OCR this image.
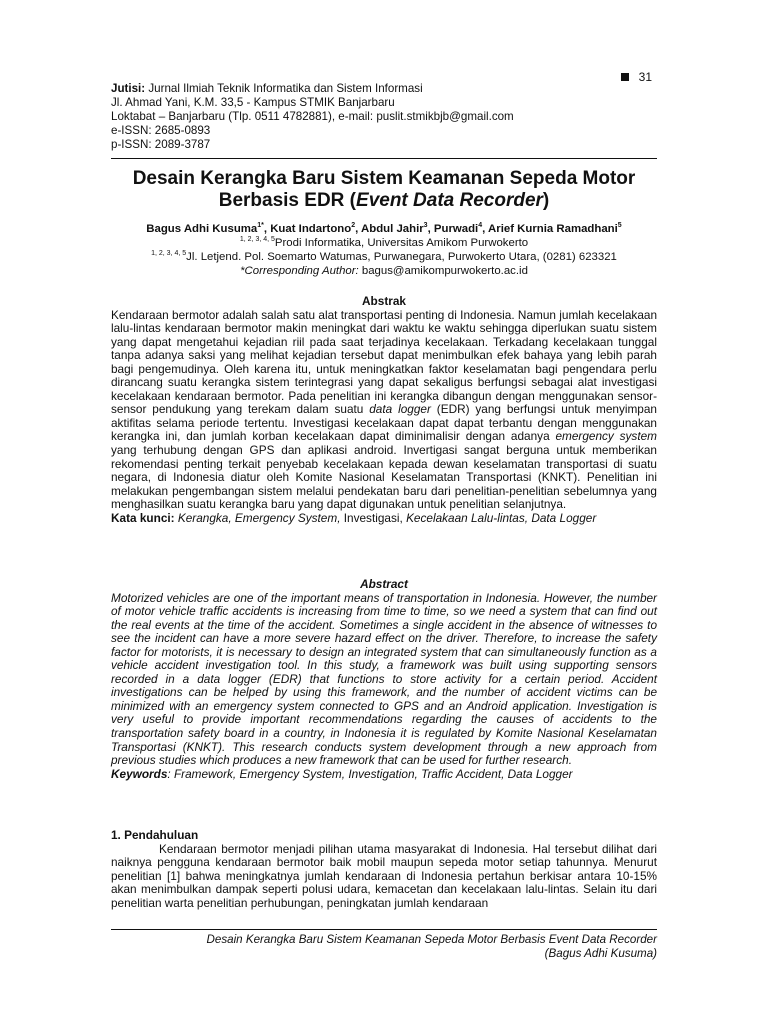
31
Jutisi: Jurnal Ilmiah Teknik Informatika dan Sistem Informasi
Jl. Ahmad Yani, K.M. 33,5 - Kampus STMIK Banjarbaru
Loktabat – Banjarbaru (Tlp. 0511 4782881), e-mail: puslit.stmikbjb@gmail.com
e-ISSN: 2685-0893
p-ISSN: 2089-3787
Desain Kerangka Baru Sistem Keamanan Sepeda Motor
Berbasis EDR (Event Data Recorder)
Bagus Adhi Kusuma$^{1*}$, Kuat Indartono$^2$, Abdul Jahir$^3$, Purwadi$^4$, Arief Kurnia Ramadhani$^5$
$^{1, 2, 3, 4, 5}$Prodi Informatika, Universitas Amikom Purwokerto
$^{1, 2, 3, 4, 5}$Jl. Letjend. Pol. Soemarto Watumas, Purwanegara, Purwokerto Utara, (0281) 623321
*Corresponding Author: bagus@amikompurwokerto.ac.id
Abstrak

Kendaraan bermotor adalah salah satu alat transportasi penting di Indonesia. Namun jumlah kecelakaan lalu-lintas kendaraan bermotor makin meningkat dari waktu ke waktu sehingga diperlukan suatu sistem yang dapat mengetahui kejadian riil pada saat terjadinya kecelakaan. Terkadang kecelakaan tunggal tanpa adanya saksi yang melihat kejadian tersebut dapat menimbulkan efek bahaya yang lebih parah bagi pengemudinya. Oleh karena itu, untuk meningkatkan faktor keselamatan bagi pengendara perlu dirancang suatu kerangka sistem terintegrasi yang dapat sekaligus berfungsi sebagai alat investigasi kecelakaan kendaraan bermotor. Pada penelitian ini kerangka dibangun dengan menggunakan sensor-sensor pendukung yang terekam dalam suatu data logger (EDR) yang berfungsi untuk menyimpan aktifitas selama periode tertentu. Investigasi kecelakaan dapat dapat terbantu dengan menggunakan kerangka ini, dan jumlah korban kecelakaan dapat diminimalisir dengan adanya emergency system yang terhubung dengan GPS dan aplikasi android. Invertigasi sangat berguna untuk memberikan rekomendasi penting terkait penyebab kecelakaan kepada dewan keselamatan transportasi di suatu negara, di Indonesia diatur oleh Komite Nasional Keselamatan Transportasi (KNKT). Penelitian ini melakukan pengembangan sistem melalui pendekatan baru dari penelitian-penelitian sebelumnya yang menghasilkan suatu kerangka baru yang dapat digunakan untuk penelitian selanjutnya.

Kata kunci: Kerangka, Emergency System, Investigasi, Kecelakaan Lalu-lintas, Data Logger

Abstract

Motorized vehicles are one of the important means of transportation in Indonesia. However, the number of motor vehicle traffic accidents is increasing from time to time, so we need a system that can find out the real events at the time of the accident. Sometimes a single accident in the absence of witnesses to see the incident can have a more severe hazard effect on the driver. Therefore, to increase the safety factor for motorists, it is necessary to design an integrated system that can simultaneously function as a vehicle accident investigation tool. In this study, a framework was built using supporting sensors recorded in a data logger (EDR) that functions to store activity for a certain period. Accident investigations can be helped by using this framework, and the number of accident victims can be minimized with an emergency system connected to GPS and an Android application. Investigation is very useful to provide important recommendations regarding the causes of accidents to the transportation safety board in a country, in Indonesia it is regulated by Komite Nasional Keselamatan Transportasi (KNKT). This research conducts system development through a new approach from previous studies which produces a new framework that can be used for further research.

Keywords: Framework, Emergency System, Investigation, Traffic Accident, Data Logger

1. Pendahuluan

Kendaraan bermotor menjadi pilihan utama masyarakat di Indonesia. Hal tersebut dilihat dari naiknya pengguna kendaraan bermotor baik mobil maupun sepeda motor setiap tahunnya. Menurut penelitian [1] bahwa meningkatnya jumlah kendaraan di Indonesia pertahun berkisar antara 10-15% akan menimbulkan dampak seperti polusi udara, kemacetan dan kecelakaan lalu-lintas. Selain itu dari penelitian warta penelitian perhubungan, peningkatan jumlah kendaraan

Desain Kerangka Baru Sistem Keamanan Sepeda Motor Berbasis Event Data Recorder
(Bagus Adhi Kusuma)
